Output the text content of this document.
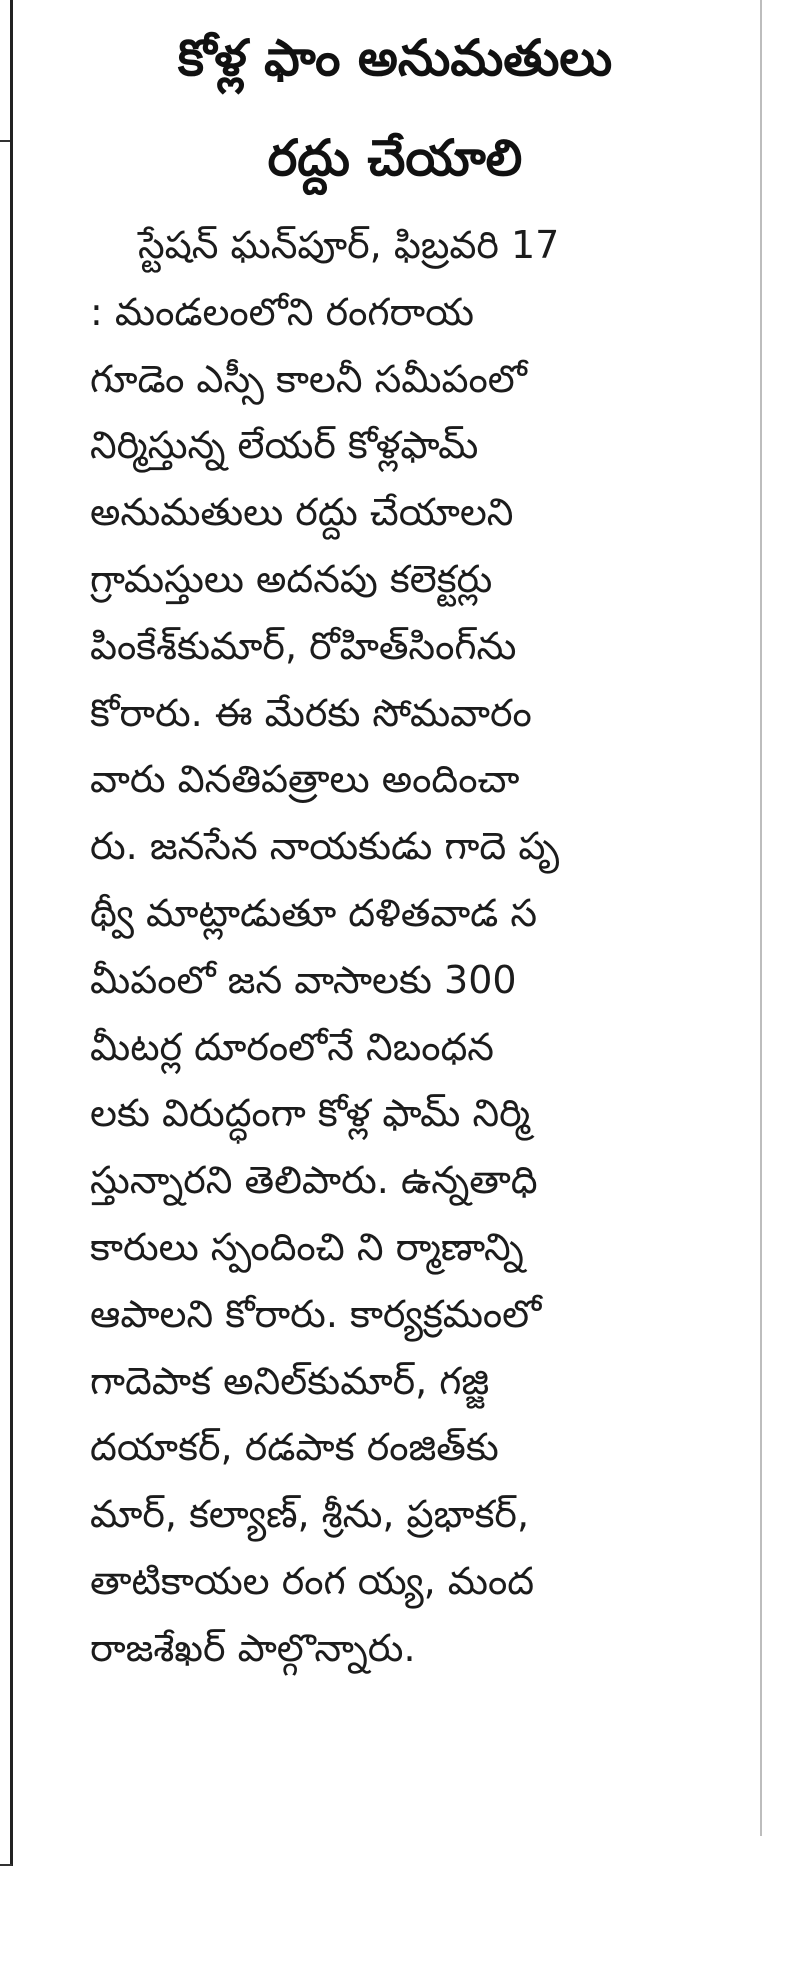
కోళ్ల ఫాం అనుమతులు
రద్దు చేయాలి
స్టేషన్ ఘన్‌పూర్, ఫిబ్రవరి 17
: మండలంలోని రంగరాయ
గూడెం ఎస్సీ కాలనీ సమీపంలో
నిర్మిస్తున్న లేయర్ కోళ్లఫామ్
అనుమతులు రద్దు చేయాలని
గ్రామస్తులు అదనపు కలెక్టర్లు
పింకేశ్‌కుమార్, రోహిత్‌సింగ్‌ను
కోరారు. ఈ మేరకు సోమవారం
వారు వినతిపత్రాలు అందించా
రు. జనసేన నాయకుడు గాదె పృ
థ్వీ మాట్లాడుతూ దళితవాడ స
మీపంలో జన వాసాలకు 300
మీటర్ల దూరంలోనే నిబంధన
లకు విరుద్ధంగా కోళ్ల ఫామ్ నిర్మి
స్తున్నారని తెలిపారు. ఉన్నతాధి
కారులు స్పందించి ని ర్మాణాన్ని
ఆపాలని కోరారు. కార్యక్రమంలో
గాదెపాక అనిల్‌కుమార్, గజ్జి
దయాకర్, రడపాక రంజిత్‌కు
మార్, కల్యాణ్, శ్రీను, ప్రభాకర్,
తాటికాయల రంగ య్య, మంద
రాజశేఖర్ పాల్గొన్నారు.
